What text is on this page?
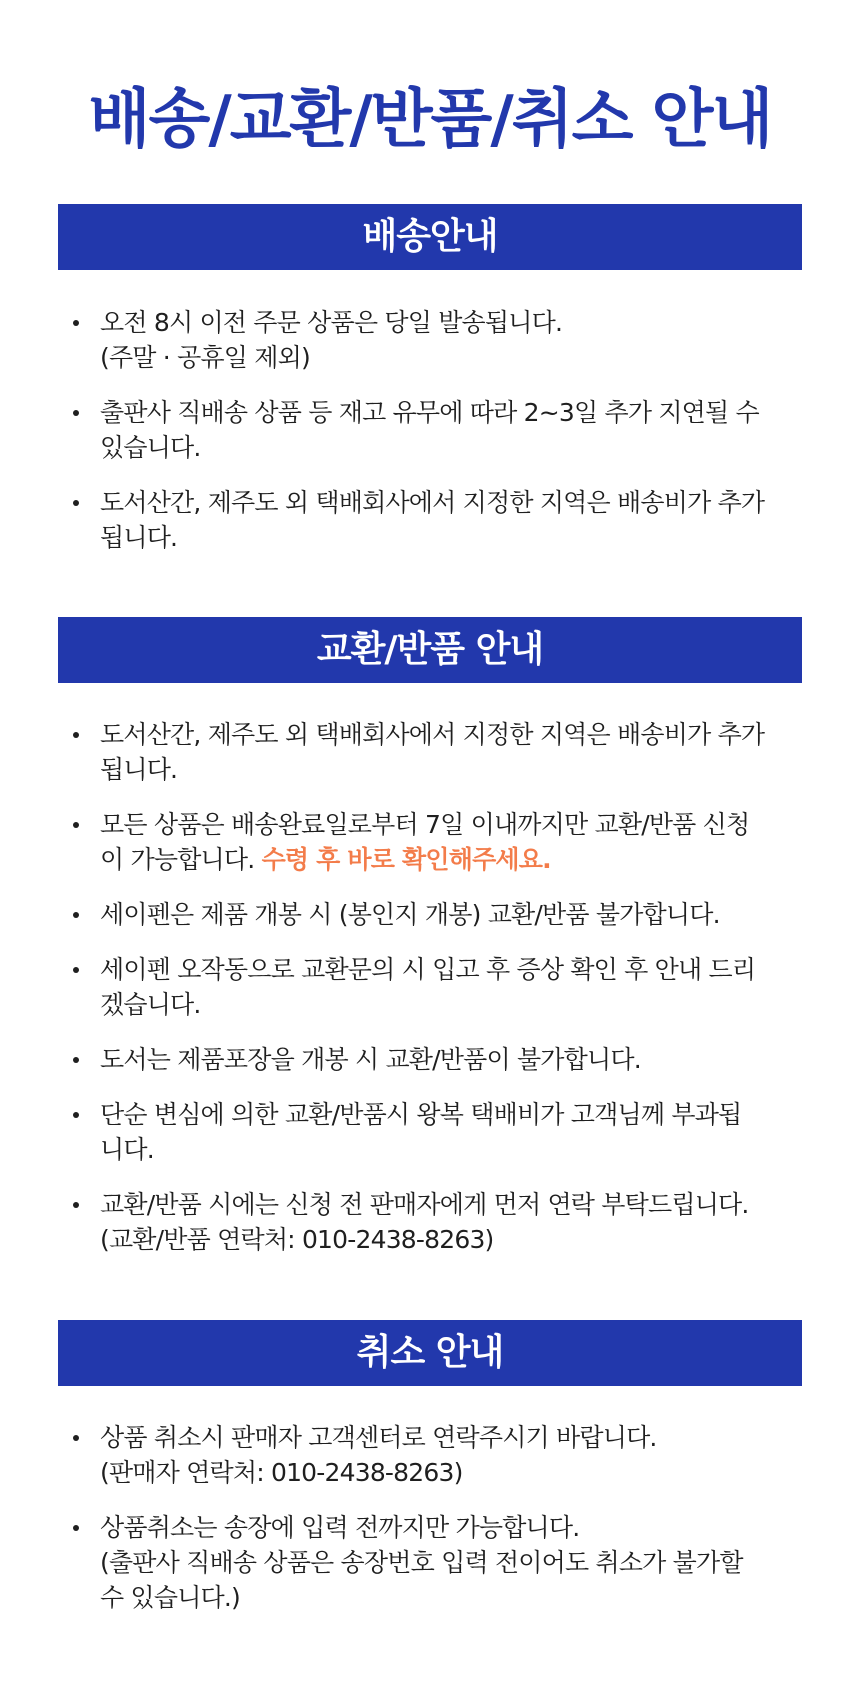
배송/교환/반품/취소 안내
배송안내
오전 8시 이전 주문 상품은 당일 발송됩니다.
(주말 · 공휴일 제외)
출판사 직배송 상품 등 재고 유무에 따라 2~3일 추가 지연될 수
있습니다.
도서산간, 제주도 외 택배회사에서 지정한 지역은 배송비가 추가
됩니다.
교환/반품 안내
도서산간, 제주도 외 택배회사에서 지정한 지역은 배송비가 추가
됩니다.
모든 상품은 배송완료일로부터 7일 이내까지만 교환/반품 신청
이 가능합니다. 수령 후 바로 확인해주세요.
세이펜은 제품 개봉 시 (봉인지 개봉) 교환/반품 불가합니다.
세이펜 오작동으로 교환문의 시 입고 후 증상 확인 후 안내 드리
겠습니다.
도서는 제품포장을 개봉 시 교환/반품이 불가합니다.
단순 변심에 의한 교환/반품시 왕복 택배비가 고객님께 부과됩
니다.
교환/반품 시에는 신청 전 판매자에게 먼저 연락 부탁드립니다.
(교환/반품 연락처: 010-2438-8263)
취소 안내
상품 취소시 판매자 고객센터로 연락주시기 바랍니다.
(판매자 연락처: 010-2438-8263)
상품취소는 송장에 입력 전까지만 가능합니다.
(출판사 직배송 상품은 송장번호 입력 전이어도 취소가 불가할
수 있습니다.)
